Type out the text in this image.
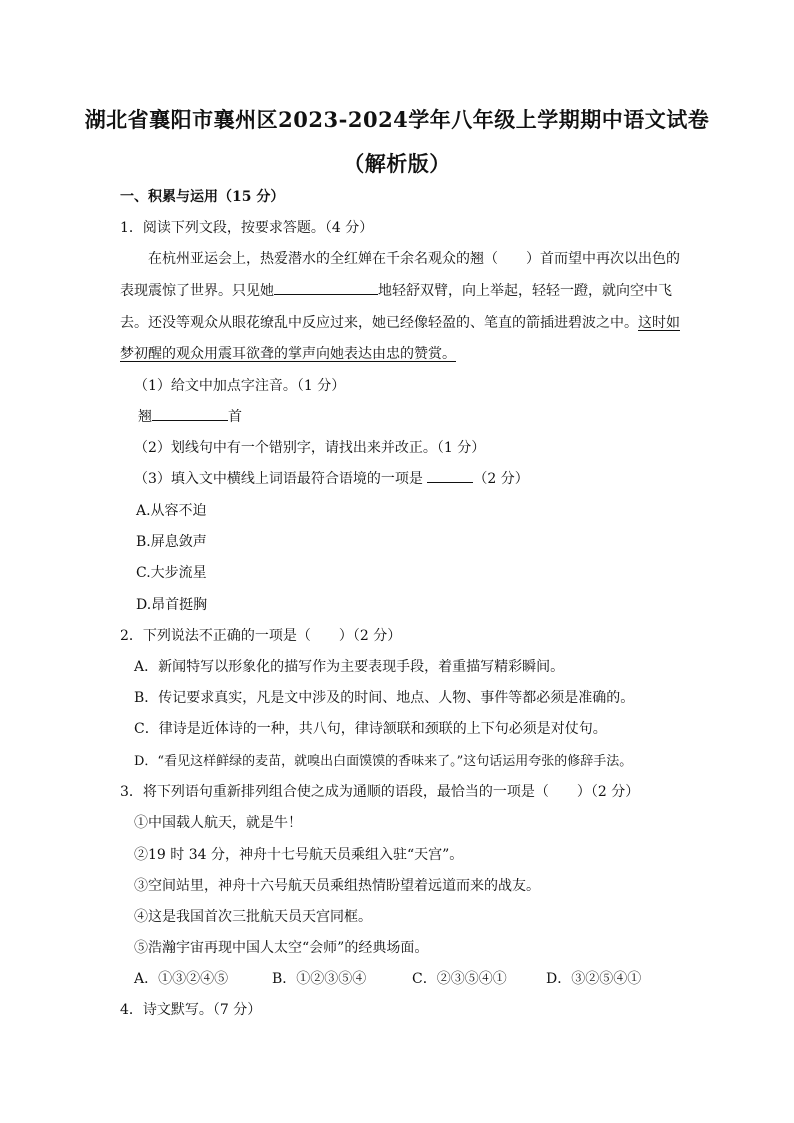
湖北省襄阳市襄州区2023-2024学年八年级上学期期中语文试卷
（解析版）
一、积累与运用（15 分）
1．阅读下列文段，按要求答题。（4 分）
在杭州亚运会上，热爱潜水的全红婵在千余名观众的翘（　　）首而望中再次以出色的
表现震惊了世界。只见她	地轻舒双臂，向上举起，轻轻一蹬，就向空中飞
去。还没等观众从眼花缭乱中反应过来，她已经像轻盈的、笔直的箭插进碧波之中。这时如
梦初醒的观众用震耳欲聋的掌声向她表达由忠的赞赏。
（1）给文中加点字注音。（1 分）
翘	首
（2）划线句中有一个错别字，请找出来并改正。（1 分）
（3）填入文中横线上词语最符合语境的一项是	（2 分）
A.从容不迫
B.屏息敛声
C.大步流星
D.昂首挺胸
2．下列说法不正确的一项是（　　）（2 分）
A．新闻特写以形象化的描写作为主要表现手段，着重描写精彩瞬间。
B．传记要求真实，凡是文中涉及的时间、地点、人物、事件等都必须是准确的。
C．律诗是近体诗的一种，共八句，律诗颔联和颈联的上下句必须是对仗句。
D．“看见这样鲜绿的麦苗，就嗅出白面馍馍的香味来了。”这句话运用夸张的修辞手法。
3．将下列语句重新排列组合使之成为通顺的语段，最恰当的一项是（　　）（2 分）
①中国载人航天，就是牛！
②19 时 34 分，神舟十七号航天员乘组入驻“天宫”。
③空间站里，神舟十六号航天员乘组热情盼望着远道而来的战友。
④这是我国首次三批航天员天宫同框。
⑤浩瀚宇宙再现中国人太空“会师”的经典场面。
A．①③②④⑤	B．①②③⑤④	C．②③⑤④①	D．③②⑤④①
4．诗文默写。（7 分）
